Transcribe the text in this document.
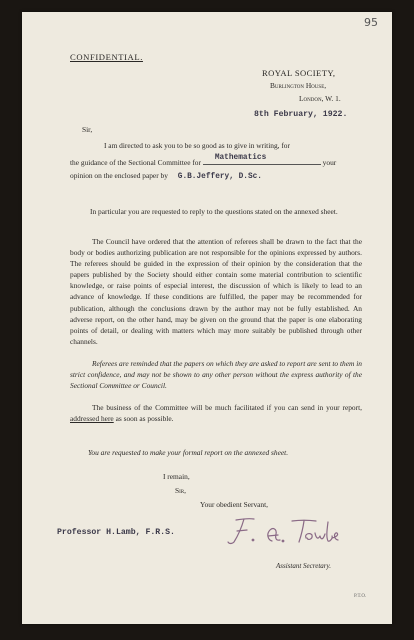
95
CONFIDENTIAL.
ROYAL SOCIETY,
Burlington House,
London, W. 1.
8th February, 1922.
Sir,
I am directed to ask you to be so good as to give in writing, for
the guidance of the Sectional Committee for Mathematics	your
opinion on the enclosed paper by G.B.Jeffery, D.Sc.
In particular you are requested to reply to the questions stated on the annexed sheet.
The Council have ordered that the attention of referees shall be drawn to the fact that the body or bodies authorizing publication are not responsible for the opinions expressed by authors. The referees should be guided in the expression of their opinion by the consideration that the papers published by the Society should either contain some material contribution to scientific knowledge, or raise points of especial interest, the discussion of which is likely to lead to an advance of knowledge. If these conditions are fulfilled, the paper may be recommended for publication, although the conclusions drawn by the author may not be fully established. An adverse report, on the other hand, may be given on the ground that the paper is one elaborating points of detail, or dealing with matters which may more suitably be published through other channels.
Referees are reminded that the papers on which they are asked to report are sent to them in strict confidence, and may not be shown to any other person without the express authority of the Sectional Committee or Council.
The business of the Committee will be much facilitated if you can send in your report, addressed here as soon as possible.
You are requested to make your formal report on the annexed sheet.
I remain,
Sir,
Your obedient Servant,
Professor H.Lamb, F.R.S.
Assistant Secretary.
P.T.O.
